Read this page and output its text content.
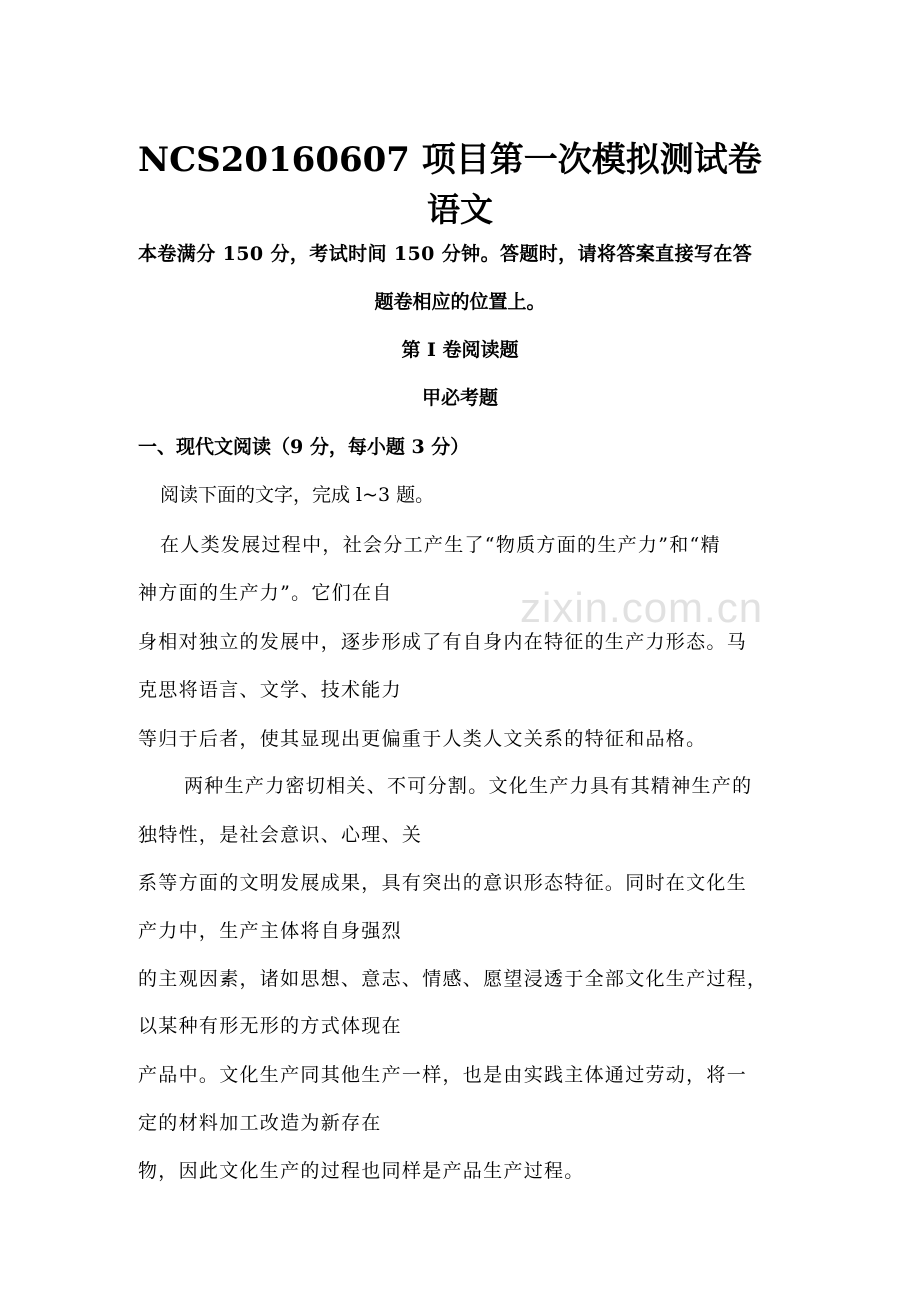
NCS20160607 项目第一次模拟测试卷
语文
本卷满分 150 分，考试时间 150 分钟。答题时，请将答案直接写在答
题卷相应的位置上。
第 I 卷阅读题
甲必考题
一、现代文阅读（9 分，每小题 3 分）
阅读下面的文字，完成 l~3 题。
在人类发展过程中，社会分工产生了“物质方面的生产力”和“精
神方面的生产力”。它们在自
身相对独立的发展中，逐步形成了有自身内在特征的生产力形态。马
克思将语言、文学、技术能力
等归于后者，使其显现出更偏重于人类人文关系的特征和品格。
两种生产力密切相关、不可分割。文化生产力具有其精神生产的
独特性，是社会意识、心理、关
系等方面的文明发展成果，具有突出的意识形态特征。同时在文化生
产力中，生产主体将自身强烈
的主观因素，诸如思想、意志、情感、愿望浸透于全部文化生产过程，
以某种有形无形的方式体现在
产品中。文化生产同其他生产一样，也是由实践主体通过劳动，将一
定的材料加工改造为新存在
物，因此文化生产的过程也同样是产品生产过程。
zixin.com.cn
